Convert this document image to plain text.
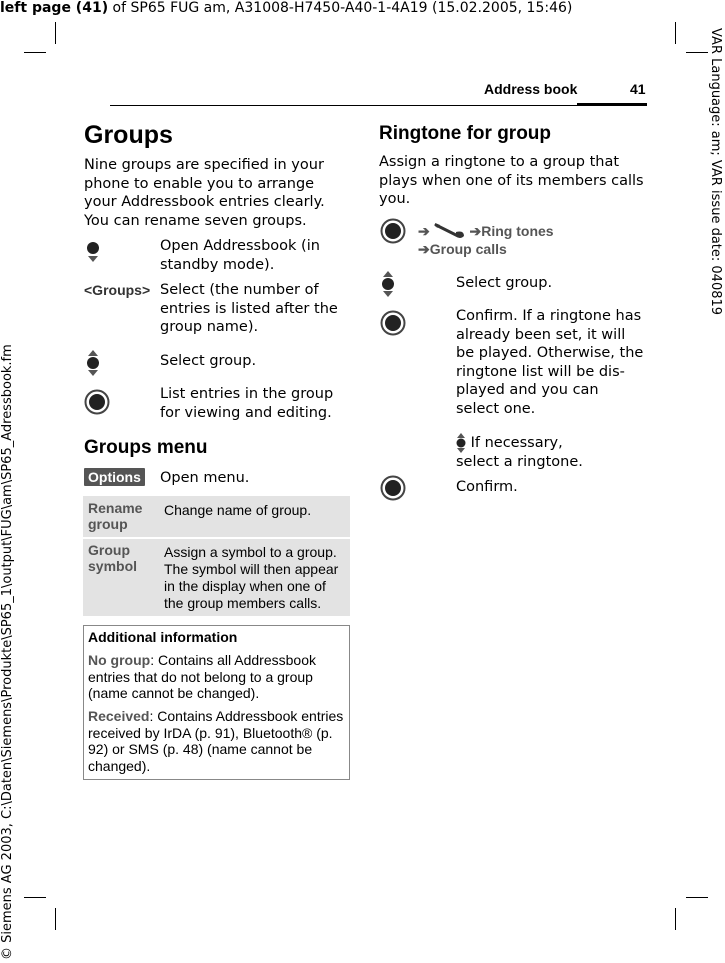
left page (41) of SP65 FUG am, A31008-H7450-A40-1-4A19 (15.02.2005, 15:46)
VAR Language: am; VAR issue date: 040819
© Siemens AG 2003, C:\Daten\Siemens\Produkte\SP65_1\output\FUG\am\SP65_Adressbook.fm
Address book	41
Groups
Nine groups are specified in your phone to enable you to arrange your Addressbook entries clearly. You can rename seven groups.
Open Addressbook (in standby mode).
<Groups> Select (the number of entries is listed after the group name).
Select group.
List entries in the group for viewing and editing.
Groups menu
Options Open menu.
Rename group
Change name of group.
Group symbol
Assign a symbol to a group. The symbol will then appear in the display when one of the group members calls.
Additional information
No group: Contains all Addressbook entries that do not belong to a group (name cannot be changed).
Received: Contains Addressbook entries received by IrDA (p. 91), Bluetooth® (p. 92) or SMS (p. 48) (name cannot be changed).
Ringtone for group
Assign a ringtone to a group that plays when one of its members calls you.
➔	➔Ring tones
➔Group calls
Select group.
Confirm. If a ringtone has already been set, it will be played. Otherwise, the ringtone list will be dis-played and you can select one.
If necessary,
select a ringtone.
Confirm.
